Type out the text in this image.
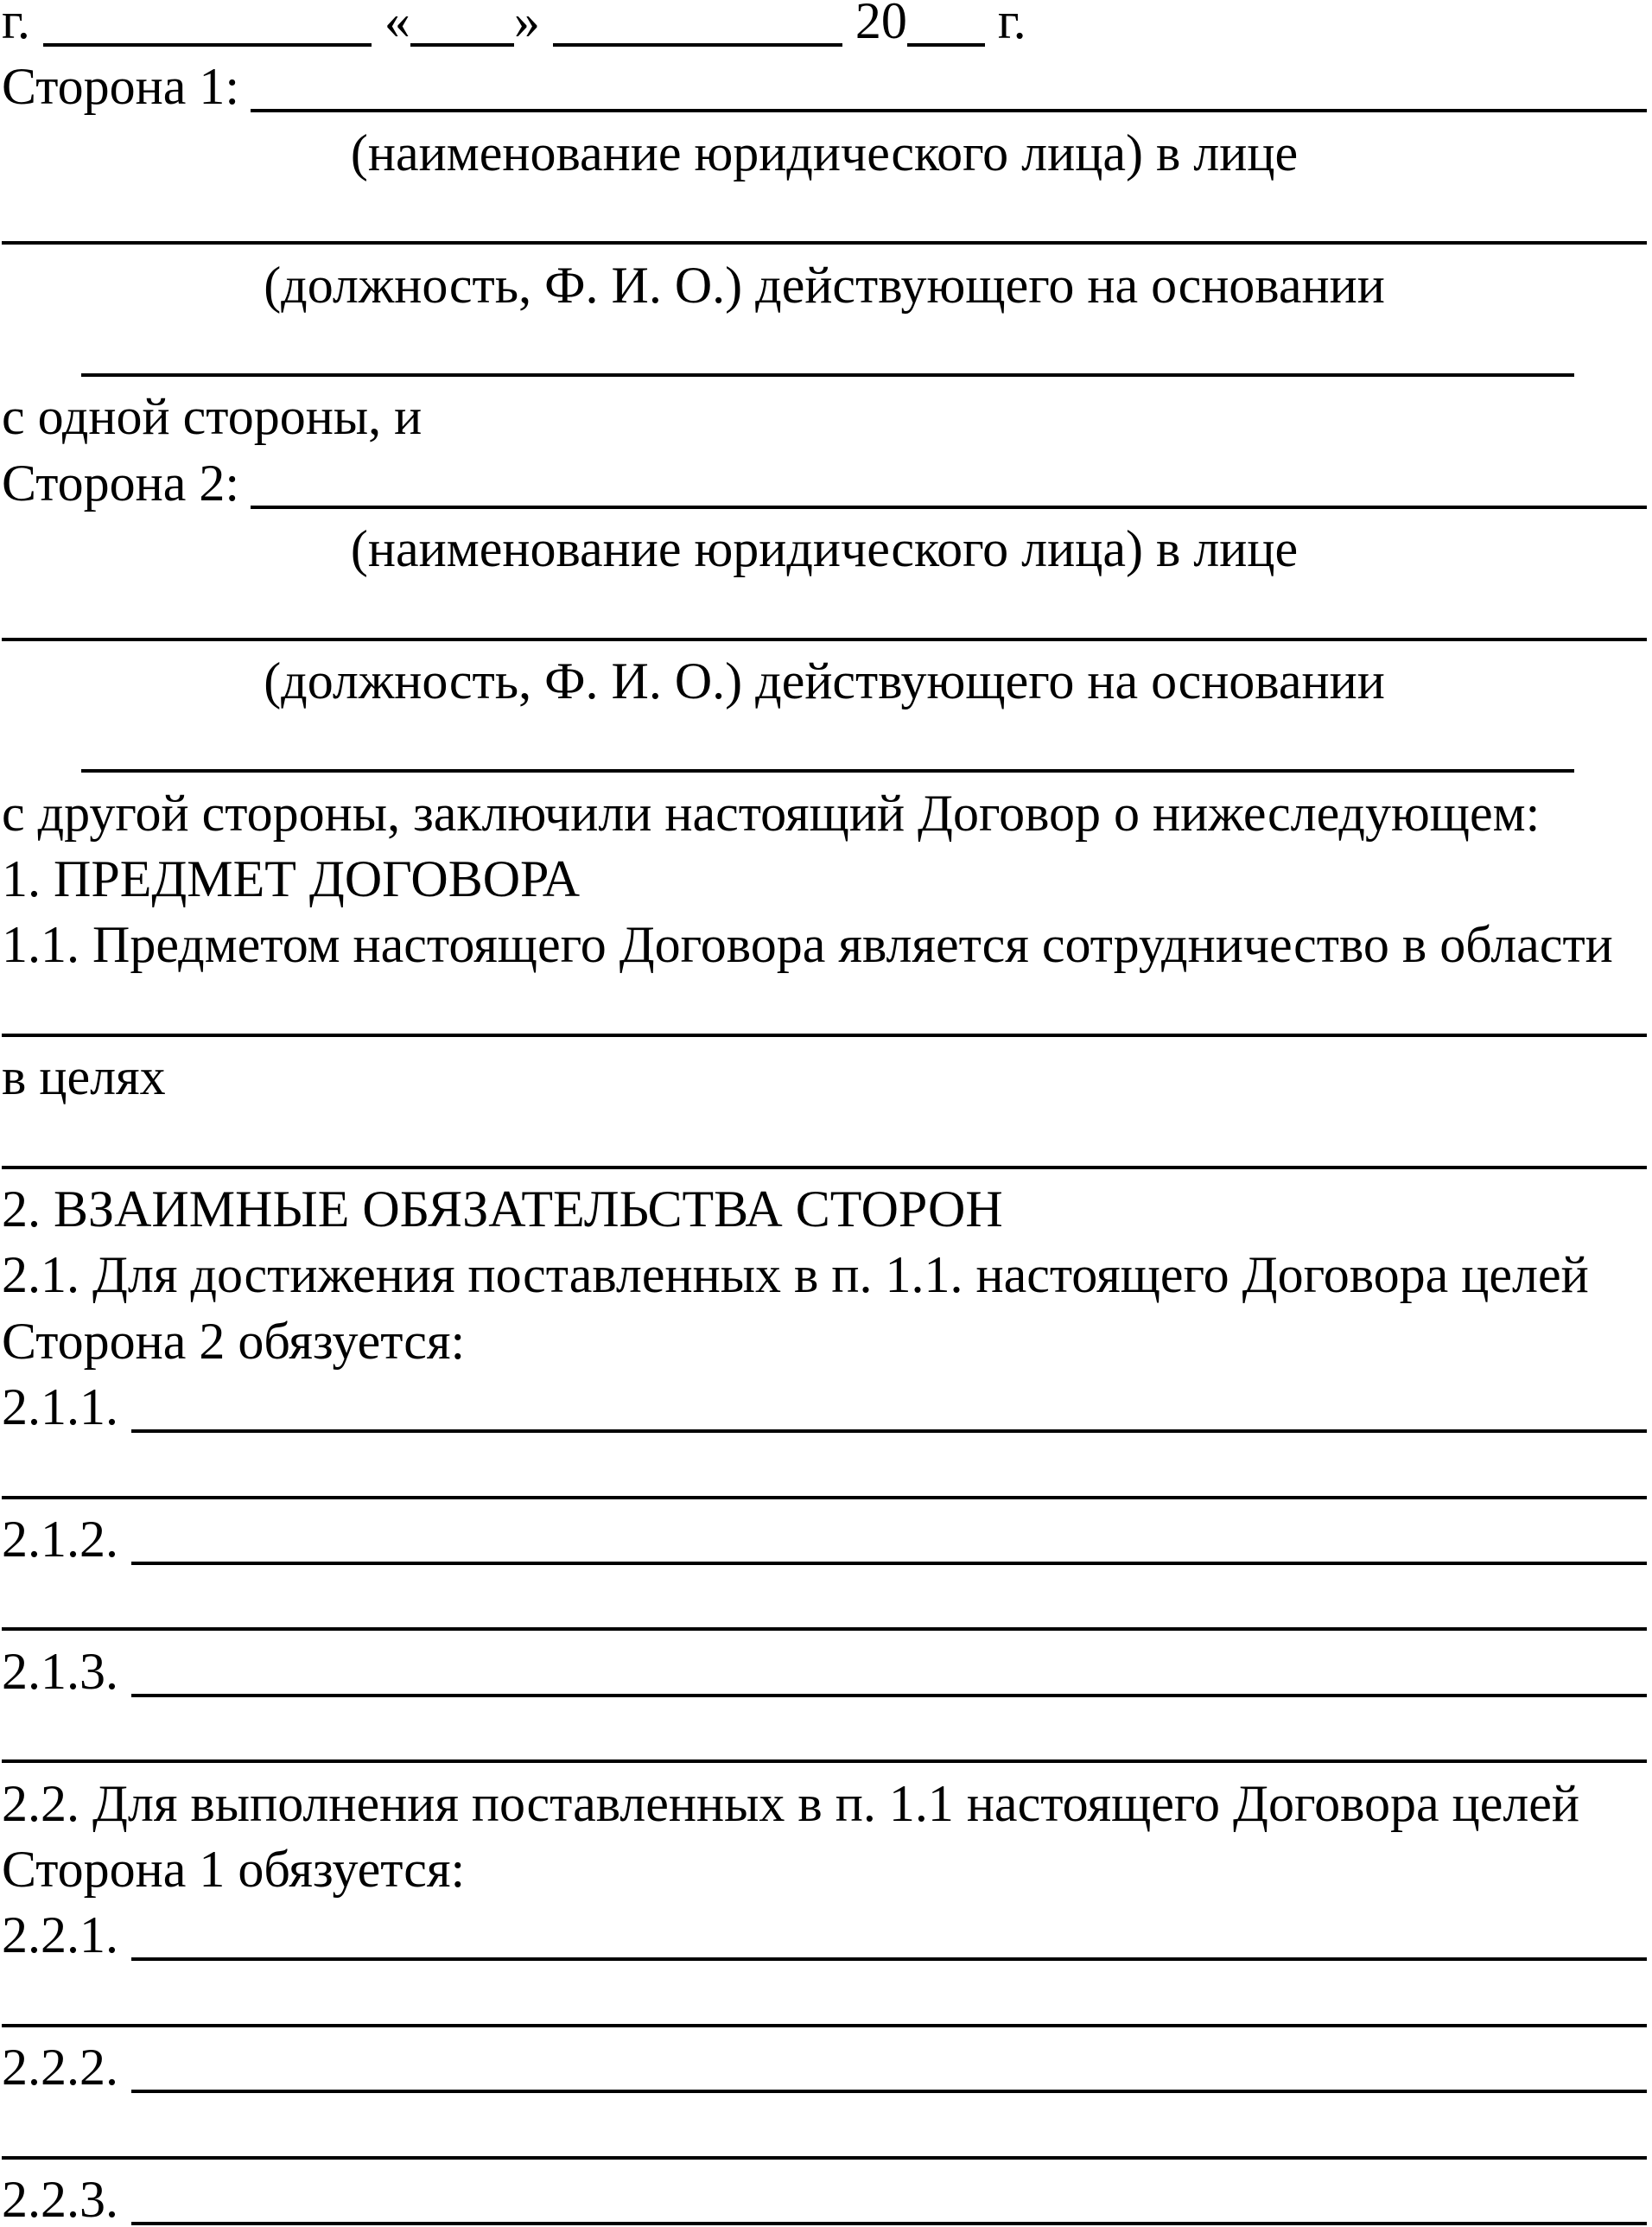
г.	« »	20 г.
Сторона 1:
(наименование юридического лица) в лице
(должность, Ф. И. О.) действующего на основании
с одной стороны, и
Сторона 2:
(наименование юридического лица) в лице
(должность, Ф. И. О.) действующего на основании
с другой стороны, заключили настоящий Договор о нижеследующем:
1. ПРЕДМЕТ ДОГОВОРА
1.1. Предметом настоящего Договора является сотрудничество в области
в целях
2. ВЗАИМНЫЕ ОБЯЗАТЕЛЬСТВА СТОРОН
2.1. Для достижения поставленных в п. 1.1. настоящего Договора целей
Сторона 2 обязуется:
2.1.1.
2.1.2.
2.1.3.
2.2. Для выполнения поставленных в п. 1.1 настоящего Договора целей
Сторона 1 обязуется:
2.2.1.
2.2.2.
2.2.3.
